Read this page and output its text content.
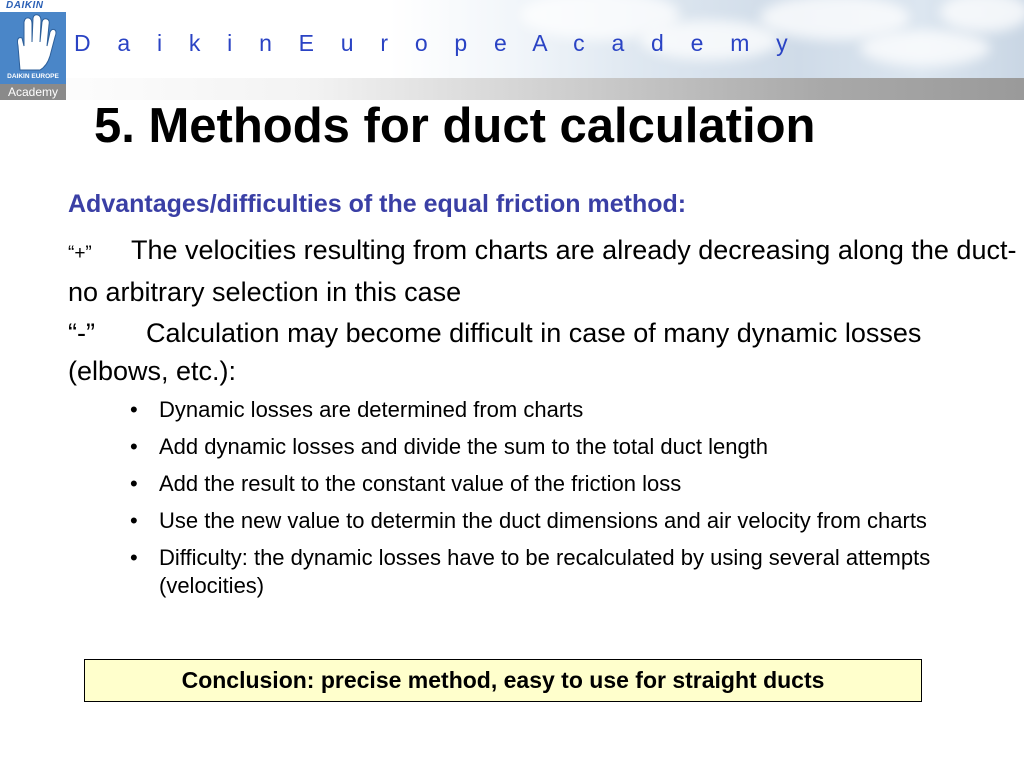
D a i k i n E u r o p e A c a d e m y
Learning, our way
DAIKIN
DAIKIN EUROPE
Academy
5. Methods for duct calculation
Advantages/difficulties of the equal friction method:
“+” The velocities resulting from charts are already decreasing along the duct- no arbitrary selection in this case
“-” Calculation may become difficult in case of many dynamic losses (elbows, etc.):
• Dynamic losses are determined from charts
• Add dynamic losses and divide the sum to the total duct length
• Add the result to the constant value of the friction loss
• Use the new value to determin the duct dimensions and air velocity from charts
• Difficulty: the dynamic losses have to be recalculated by using several attempts (velocities)
Conclusion: precise method, easy to use for straight ducts
